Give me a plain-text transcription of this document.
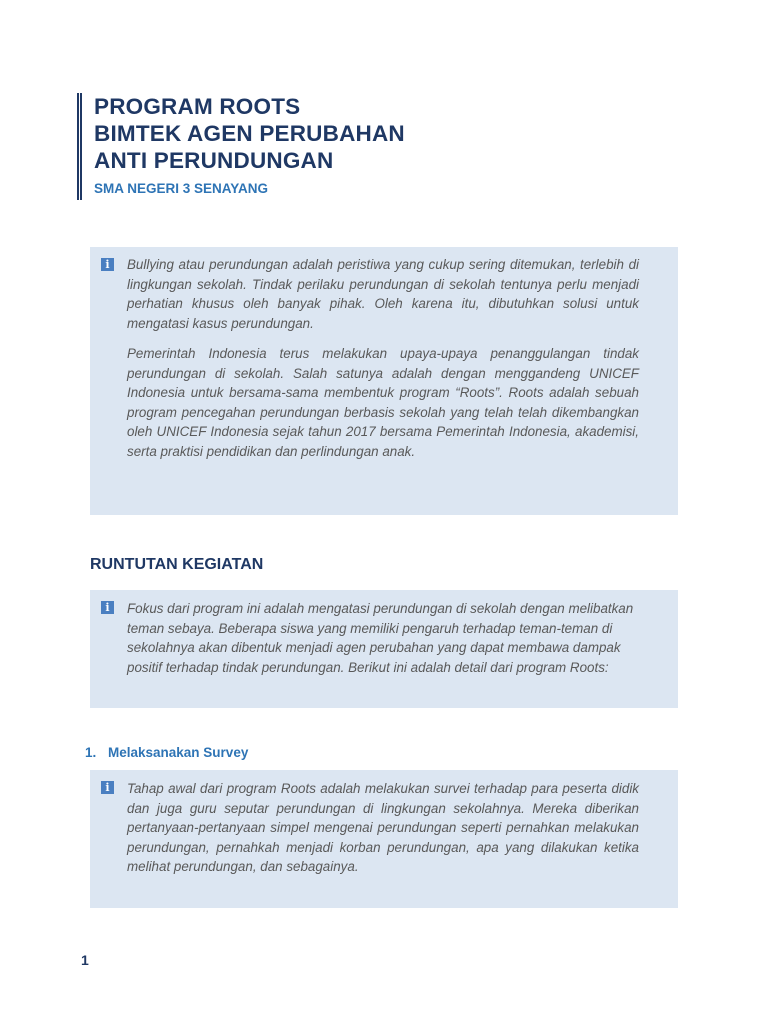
PROGRAM ROOTS
BIMTEK AGEN PERUBAHAN
ANTI PERUNDUNGAN
SMA NEGERI 3 SENAYANG
i	Bullying atau perundungan adalah peristiwa yang cukup sering ditemukan, terlebih di lingkungan sekolah. Tindak perilaku perundungan di sekolah tentunya perlu menjadi perhatian khusus oleh banyak pihak. Oleh karena itu, dibutuhkan solusi untuk mengatasi kasus perundungan.

Pemerintah Indonesia terus melakukan upaya-upaya penanggulangan tindak perundungan di sekolah. Salah satunya adalah dengan menggandeng UNICEF Indonesia untuk bersama-sama membentuk program “Roots”. Roots adalah sebuah program pencegahan perundungan berbasis sekolah yang telah telah dikembangkan oleh UNICEF Indonesia sejak tahun 2017 bersama Pemerintah Indonesia, akademisi, serta praktisi pendidikan dan perlindungan anak.

RUNTUTAN KEGIATAN
i	Fokus dari program ini adalah mengatasi perundungan di sekolah dengan melibatkan teman sebaya. Beberapa siswa yang memiliki pengaruh terhadap teman-teman di sekolahnya akan dibentuk menjadi agen perubahan yang dapat membawa dampak positif terhadap tindak perundungan. Berikut ini adalah detail dari program Roots:

1. Melaksanakan Survey
i	Tahap awal dari program Roots adalah melakukan survei terhadap para peserta didik dan juga guru seputar perundungan di lingkungan sekolahnya. Mereka diberikan pertanyaan-pertanyaan simpel mengenai perundungan seperti pernahkan melakukan perundungan, pernahkah menjadi korban perundungan, apa yang dilakukan ketika melihat perundungan, dan sebagainya.

1
